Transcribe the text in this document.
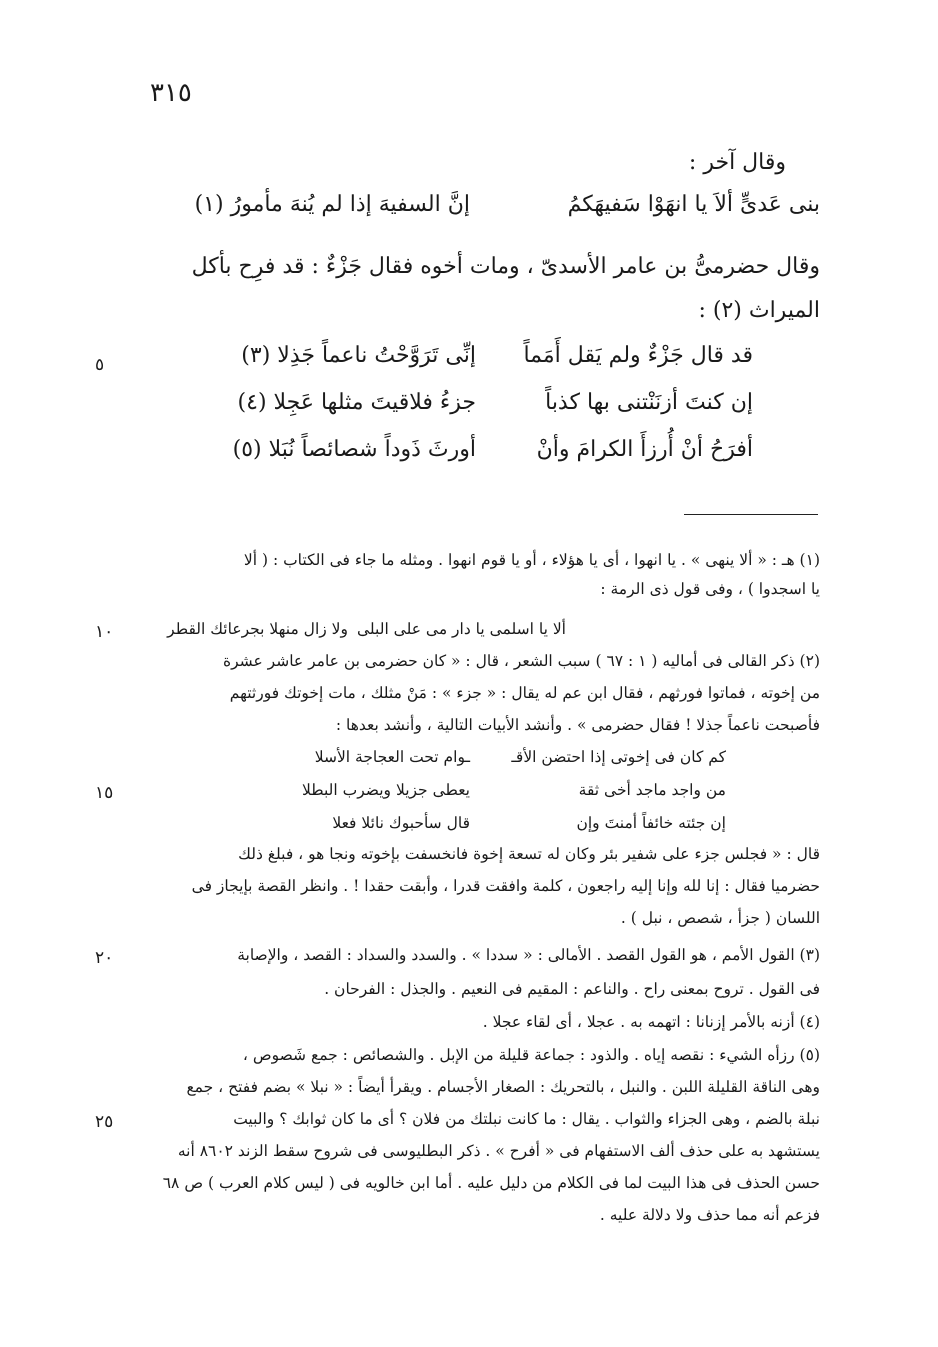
٣١٥
وقال آخر :
بنى عَدىٍّ ألاَ يا انهَوْا سَفيهَكمُ
إنَّ السفيهَ إذا لم يُنهَ مأمورُ (١)
وقال حضرمىُّ بن عامر الأسدىّ ، ومات أخوه فقال جَزْءٌ : قد فرِح بأكل
الميراث (٢) :
قد قال جَزْءٌ ولم يَقل أَمَماً
إنِّى تَرَوَّحْتُ ناعماً جَذِلا (٣)
إن كنتَ أزنَنْتنى بها كذباً
جزءُ فلاقيتَ مثلها عَجِلا (٤)
أفرَحُ أنْ أُرزأَ الكرامَ وأنْ
أورثَ ذَوداً شصائصاً نُبَلا (٥)
٥
(١) هـ : « ألا ينهى » . يا انهوا ، أى يا هؤلاء ، أو يا قوم انهوا . ومثله ما جاء فى الكتاب : ( ألا
يا اسجدوا ) ، وفى قول ذى الرمة :
ألا يا اسلمى يا دار مى على البلى
ولا زال منهلا بجرعائك القطر
١٠
(٢) ذكر القالى فى أماليه ( ١ : ٦٧ ) سبب الشعر ، قال : « كان حضرمى بن عامر عاشر عشرة
من إخوته ، فماتوا فورثهم ، فقال ابن عم له يقال : « جزء » : مَنْ مثلك ، مات إخوتك فورثتهم
فأصبحت ناعماً جذلا ! فقال حضرمى » . وأنشد الأبيات التالية ، وأنشد بعدها :
كم كان فى إخوتى إذا احتضن الأقـ
ـوام تحت العجاجة الأسلا
من واجد ماجد أخى ثقة
يعطى جزيلا ويضرب البطلا
١٥
إن جئته خائفاً أمنتَ وإن
قال سأحبوك نائلا فعلا
قال : « فجلس جزء على شفير بئر وكان له تسعة إخوة فانخسفت بإخوته ونجا هو ، فبلغ ذلك
حضرميا فقال : إنا لله وإنا إليه راجعون ، كلمة وافقت قدرا ، وأبقت حقدا ! . وانظر القصة بإيجاز فى
اللسان ( جزأ ، شصص ، نبل ) .
(٣) القول الأمم ، هو القول القصد . الأمالى : « سددا » . والسدد والسداد : القصد ، والإصابة
٢٠
فى القول . تروح بمعنى راح . والناعم : المقيم فى النعيم . والجذل : الفرحان .
(٤) أزنه بالأمر إزنانا : اتهمه به . عجلا ، أى لقاء عجلا .
(٥) رزأه الشيء : نقصه إياه . والذود : جماعة قليلة من الإبل . والشصائص : جمع شَصوص ،
وهى الناقة القليلة اللبن . والنبل ، بالتحريك : الصغار الأجسام . ويقرأ أيضاً : « نبلا » بضم ففتح ، جمع
نبلة بالضم ، وهى الجزاء والثواب . يقال : ما كانت نبلتك من فلان ؟ أى ما كان ثوابك ؟ والبيت
٢٥
يستشهد به على حذف ألف الاستفهام فى « أفرح » . ذكر البطليوسى فى شروح سقط الزند ٨٦٠٢ أنه
حسن الحذف فى هذا البيت لما فى الكلام من دليل عليه . أما ابن خالويه فى ( ليس كلام العرب ) ص ٦٨
فزعم أنه مما حذف ولا دلالة عليه .
